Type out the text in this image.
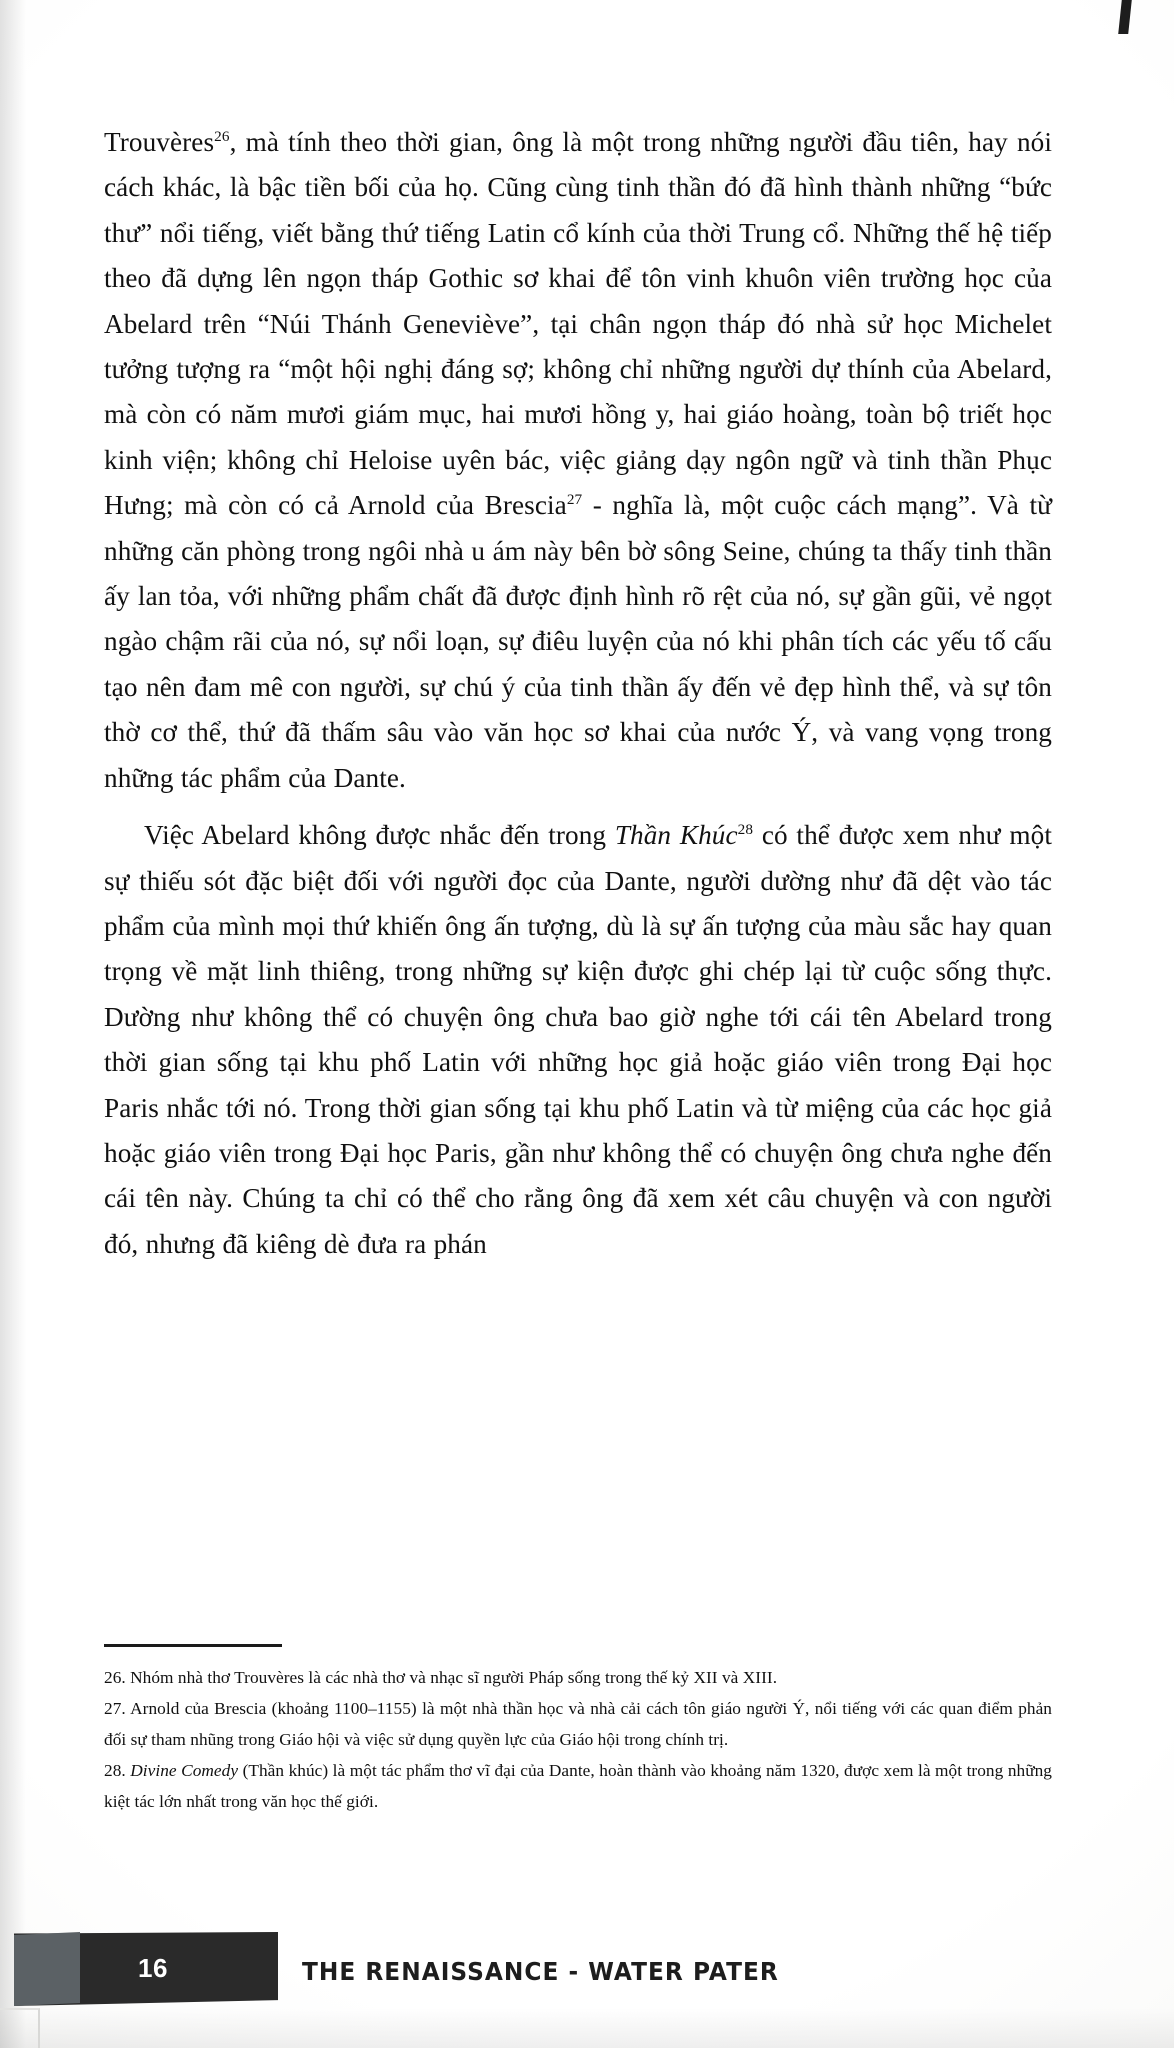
Trouvères$^{26}$, mà tính theo thời gian, ông là một trong những người đầu tiên, hay nói cách khác, là bậc tiền bối của họ. Cũng cùng tinh thần đó đã hình thành những “bức thư” nổi tiếng, viết bằng thứ tiếng Latin cổ kính của thời Trung cổ. Những thế hệ tiếp theo đã dựng lên ngọn tháp Gothic sơ khai để tôn vinh khuôn viên trường học của Abelard trên “Núi Thánh Geneviève”, tại chân ngọn tháp đó nhà sử học Michelet tưởng tượng ra “một hội nghị đáng sợ; không chỉ những người dự thính của Abelard, mà còn có năm mươi giám mục, hai mươi hồng y, hai giáo hoàng, toàn bộ triết học kinh viện; không chỉ Heloise uyên bác, việc giảng dạy ngôn ngữ và tinh thần Phục Hưng; mà còn có cả Arnold của Brescia$^{27}$ - nghĩa là, một cuộc cách mạng”. Và từ những căn phòng trong ngôi nhà u ám này bên bờ sông Seine, chúng ta thấy tinh thần ấy lan tỏa, với những phẩm chất đã được định hình rõ rệt của nó, sự gần gũi, vẻ ngọt ngào chậm rãi của nó, sự nổi loạn, sự điêu luyện của nó khi phân tích các yếu tố cấu tạo nên đam mê con người, sự chú ý của tinh thần ấy đến vẻ đẹp hình thể, và sự tôn thờ cơ thể, thứ đã thấm sâu vào văn học sơ khai của nước Ý, và vang vọng trong những tác phẩm của Dante.

Việc Abelard không được nhắc đến trong Thần Khúc$^{28}$ có thể được xem như một sự thiếu sót đặc biệt đối với người đọc của Dante, người dường như đã dệt vào tác phẩm của mình mọi thứ khiến ông ấn tượng, dù là sự ấn tượng của màu sắc hay quan trọng về mặt linh thiêng, trong những sự kiện được ghi chép lại từ cuộc sống thực. Dường như không thể có chuyện ông chưa bao giờ nghe tới cái tên Abelard trong thời gian sống tại khu phố Latin với những học giả hoặc giáo viên trong Đại học Paris nhắc tới nó. Trong thời gian sống tại khu phố Latin và từ miệng của các học giả hoặc giáo viên trong Đại học Paris, gần như không thể có chuyện ông chưa nghe đến cái tên này. Chúng ta chỉ có thể cho rằng ông đã xem xét câu chuyện và con người đó, nhưng đã kiêng dè đưa ra phán

26. Nhóm nhà thơ Trouvères là các nhà thơ và nhạc sĩ người Pháp sống trong thế kỷ XII và XIII.

27. Arnold của Brescia (khoảng 1100–1155) là một nhà thần học và nhà cải cách tôn giáo người Ý, nổi tiếng với các quan điểm phản đối sự tham nhũng trong Giáo hội và việc sử dụng quyền lực của Giáo hội trong chính trị.

28. Divine Comedy (Thần khúc) là một tác phẩm thơ vĩ đại của Dante, hoàn thành vào khoảng năm 1320, được xem là một trong những kiệt tác lớn nhất trong văn học thế giới.

16	THE RENAISSANCE - WATER PATER
